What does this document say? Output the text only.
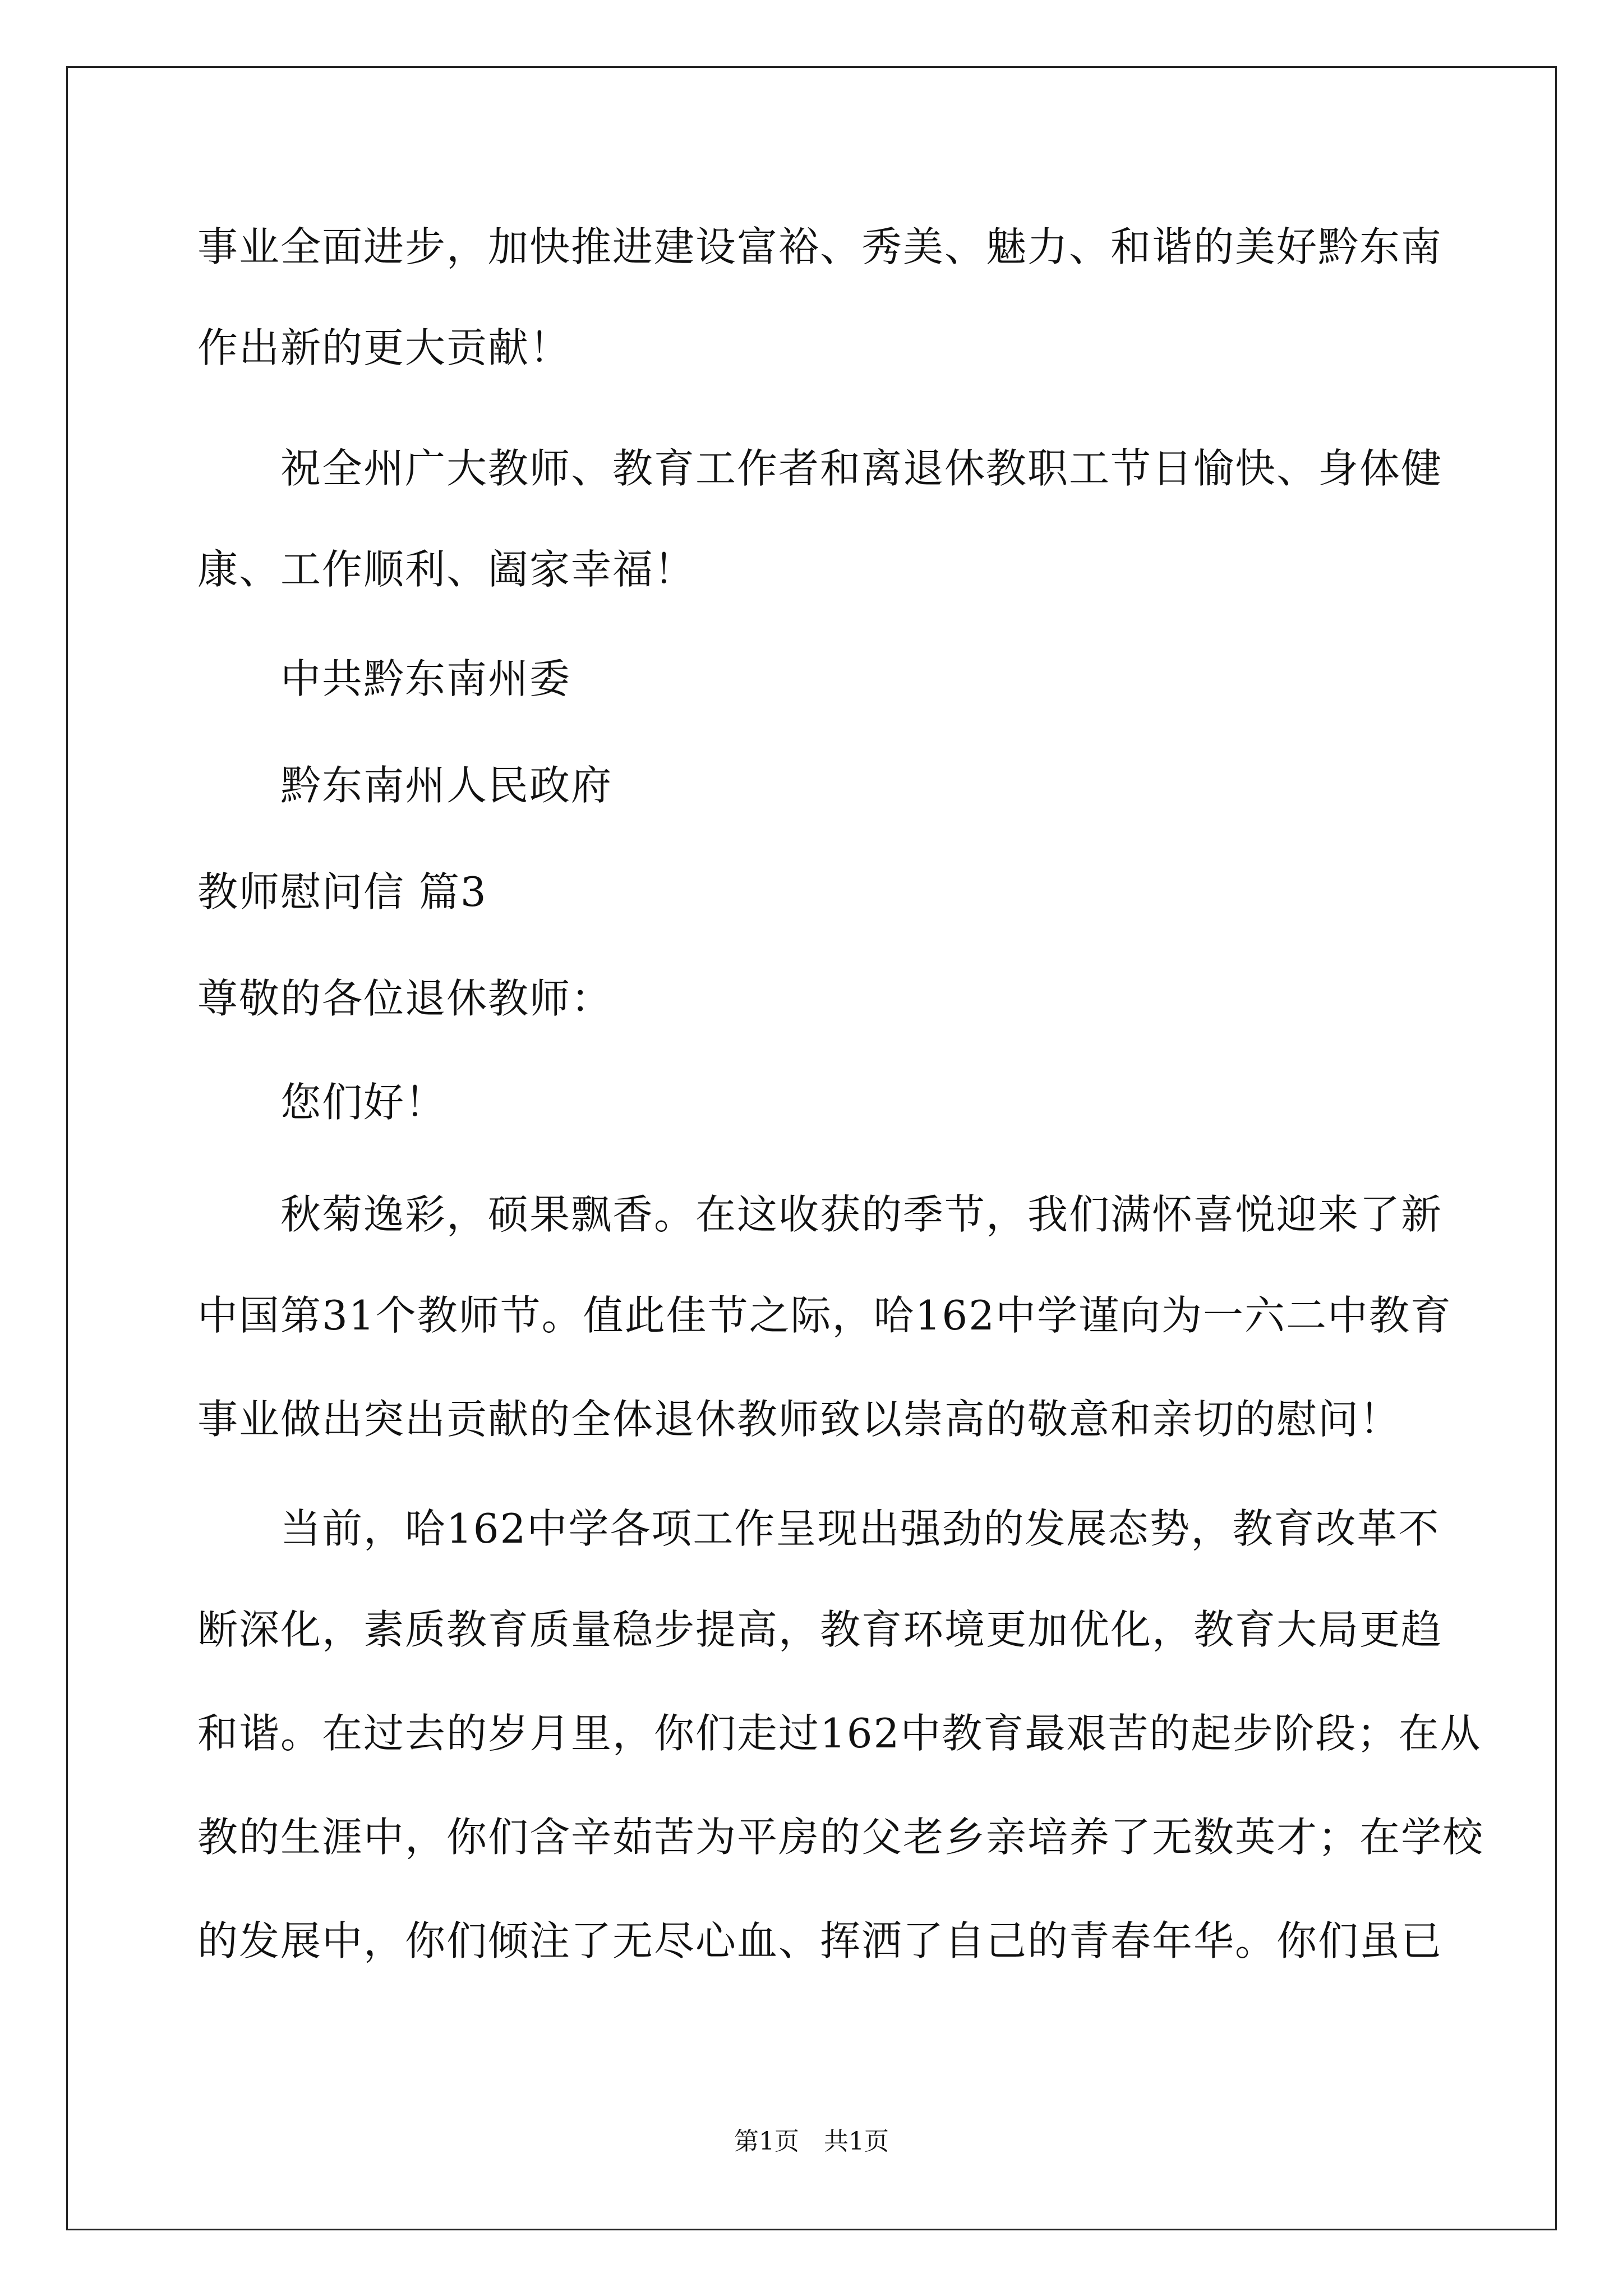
事业全面进步，加快推进建设富裕、秀美、魅力、和谐的美好黔东南
作出新的更大贡献！
祝全州广大教师、教育工作者和离退休教职工节日愉快、身体健
康、工作顺利、阖家幸福！
中共黔东南州委
黔东南州人民政府
教师慰问信 篇3
尊敬的各位退休教师：
您们好！
秋菊逸彩，硕果飘香。在这收获的季节，我们满怀喜悦迎来了新
中国第31个教师节。值此佳节之际，哈162中学谨向为一六二中教育
事业做出突出贡献的全体退休教师致以崇高的敬意和亲切的慰问！
当前，哈162中学各项工作呈现出强劲的发展态势，教育改革不
断深化，素质教育质量稳步提高，教育环境更加优化，教育大局更趋
和谐。在过去的岁月里，你们走过162中教育最艰苦的起步阶段；在从
教的生涯中，你们含辛茹苦为平房的父老乡亲培养了无数英才；在学校
的发展中，你们倾注了无尽心血、挥洒了自己的青春年华。你们虽已
第1页　共1页
